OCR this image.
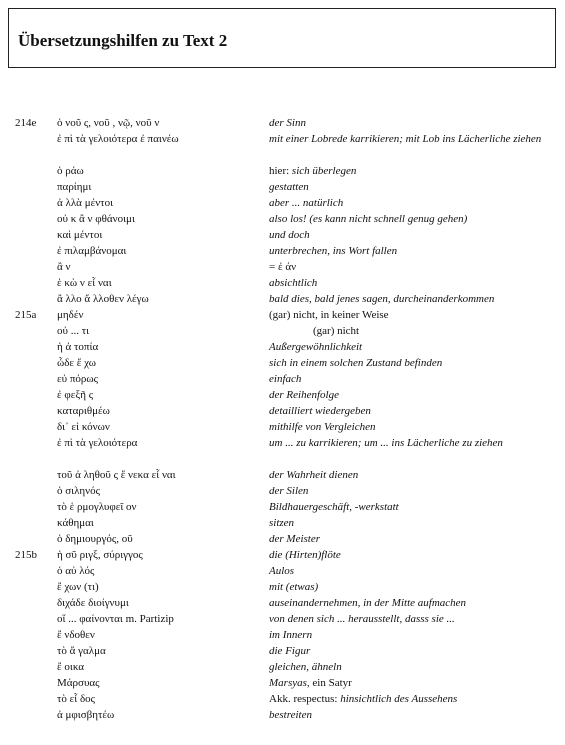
Übersetzungshilfen zu Text 2
214e ὁ νοῦ ς, νοῦ , νῷ, νοῦ ν	der Sinn
ἐ πὶ τὰ γελοιότερα ἐ παινέω	mit einer Lobrede karrikieren; mit Lob ins Lächerliche ziehen
ὁ ράω	hier: sich überlegen
παρίημι	gestatten
ἀ λλὰ μέντοι	aber ... natürlich
οὐ κ ἂ ν φθάνοιμι	also los! (es kann nicht schnell genug gehen)
καὶ μέντοι	und doch
ἐ πιλαμβάνομαι	unterbrechen, ins Wort fallen
ἂ ν	= ἐ άν
ἑ κὼ ν εἶ ναι	absichtlich
ἄ λλο ἄ λλοθεν λέγω	bald dies, bald jenes sagen, durcheinanderkommen
215a μηδέν	(gar) nicht, in keiner Weise
οὐ ... τι	(gar) nicht
ἡ ἀ τοπία	Außergewöhnlichkeit
ὧδε ἔ χω	sich in einem solchen Zustand befinden
εὐ πόρως	einfach
ἐ φεξῆ ς	der Reihenfolge
καταριθμέω	detailliert wiedergeben
δι᾽ εἰ κόνων	mithilfe von Vergleichen
ἐ πὶ τὰ γελοιότερα	um ... zu karrikieren; um ... ins Lächerliche zu ziehen
τοῦ ἀ ληθοῦ ς ἕ νεκα εἶ ναι	der Wahrheit dienen
ὁ σιληνός	der Silen
τὸ ἑ ρμογλυφεῖ ον	Bildhauergeschäft, -werkstatt
κάθημαι	sitzen
ὁ δημιουργός, οῦ	der Meister
215b ἡ σῦ ριγξ, σύριγγος	die (Hirten)flöte
ὁ αὐ λός	Aulos
ἔ χων (τι)	mit (etwas)
διχάδε διοίγνυμι	auseinandernehmen, in der Mitte aufmachen
οἵ ... φαίνονται m. Partizip	von denen sich ... herausstellt, dasss sie ...
ἔ νδοθεν	im Innern
τὸ ἄ γαλμα	die Figur
ἔ οικα	gleichen, ähneln
Μάρσυας	Marsyas, ein Satyr
τὸ εἶ δος	Akk. respectus: hinsichtlich des Aussehens
ἀ μφισβητέω	bestreiten
